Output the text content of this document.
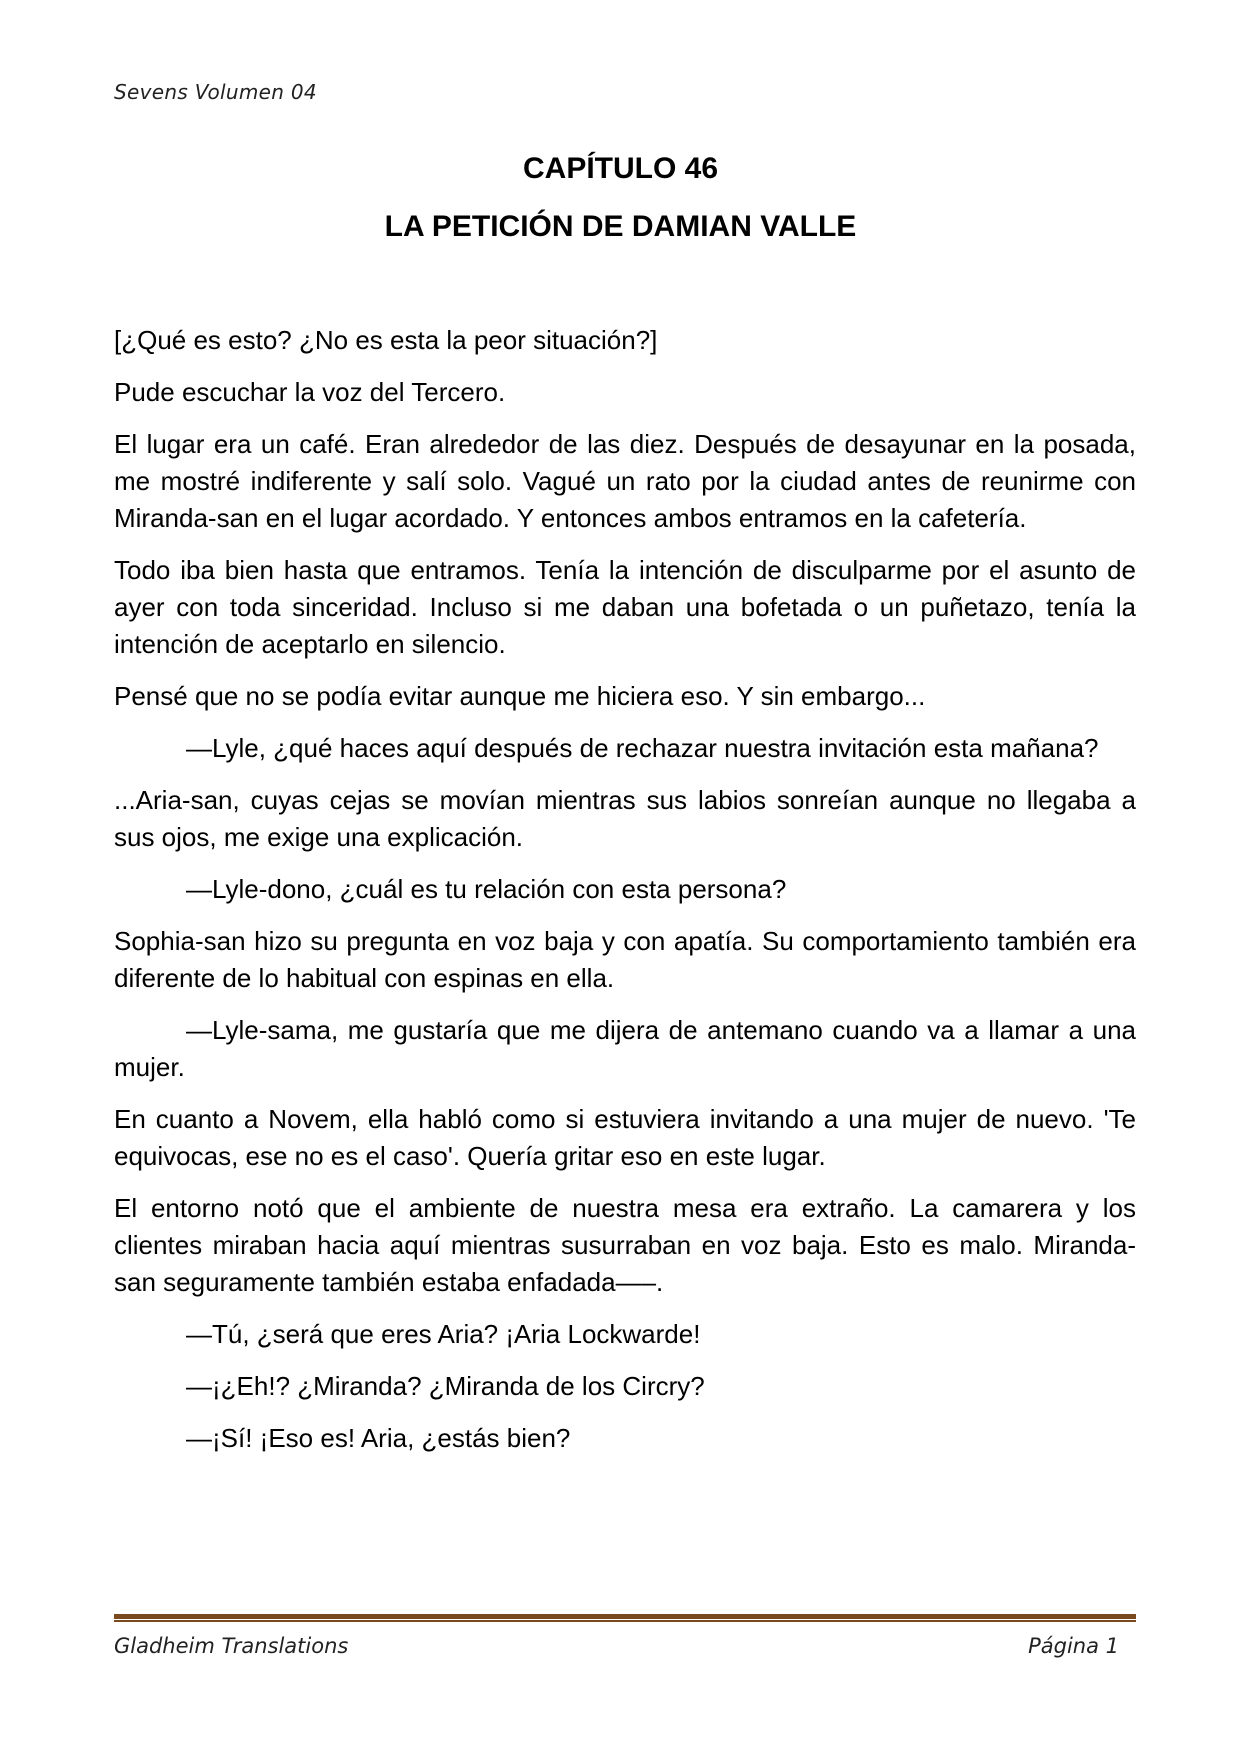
Sevens Volumen 04
CAPÍTULO 46
LA PETICIÓN DE DAMIAN VALLE

[¿Qué es esto? ¿No es esta la peor situación?]

Pude escuchar la voz del Tercero.

El lugar era un café. Eran alrededor de las diez. Después de desayunar en la posada, me mostré indiferente y salí solo. Vagué un rato por la ciudad antes de reunirme con Miranda-san en el lugar acordado. Y entonces ambos entramos en la cafetería.

Todo iba bien hasta que entramos. Tenía la intención de disculparme por el asunto de ayer con toda sinceridad. Incluso si me daban una bofetada o un puñetazo, tenía la intención de aceptarlo en silencio.

Pensé que no se podía evitar aunque me hiciera eso. Y sin embargo...

—Lyle, ¿qué haces aquí después de rechazar nuestra invitación esta mañana?

...Aria-san, cuyas cejas se movían mientras sus labios sonreían aunque no llegaba a sus ojos, me exige una explicación.

—Lyle-dono, ¿cuál es tu relación con esta persona?

Sophia-san hizo su pregunta en voz baja y con apatía. Su comportamiento también era diferente de lo habitual con espinas en ella.

—Lyle-sama, me gustaría que me dijera de antemano cuando va a llamar a una mujer.

En cuanto a Novem, ella habló como si estuviera invitando a una mujer de nuevo. 'Te equivocas, ese no es el caso'. Quería gritar eso en este lugar.

El entorno notó que el ambiente de nuestra mesa era extraño. La camarera y los clientes miraban hacia aquí mientras susurraban en voz baja. Esto es malo. Miranda-san seguramente también estaba enfadada—–.

—Tú, ¿será que eres Aria? ¡Aria Lockwarde!

—¡¿Eh!? ¿Miranda? ¿Miranda de los Circry?

—¡Sí! ¡Eso es! Aria, ¿estás bien?

Gladheim Translations	Página 1
